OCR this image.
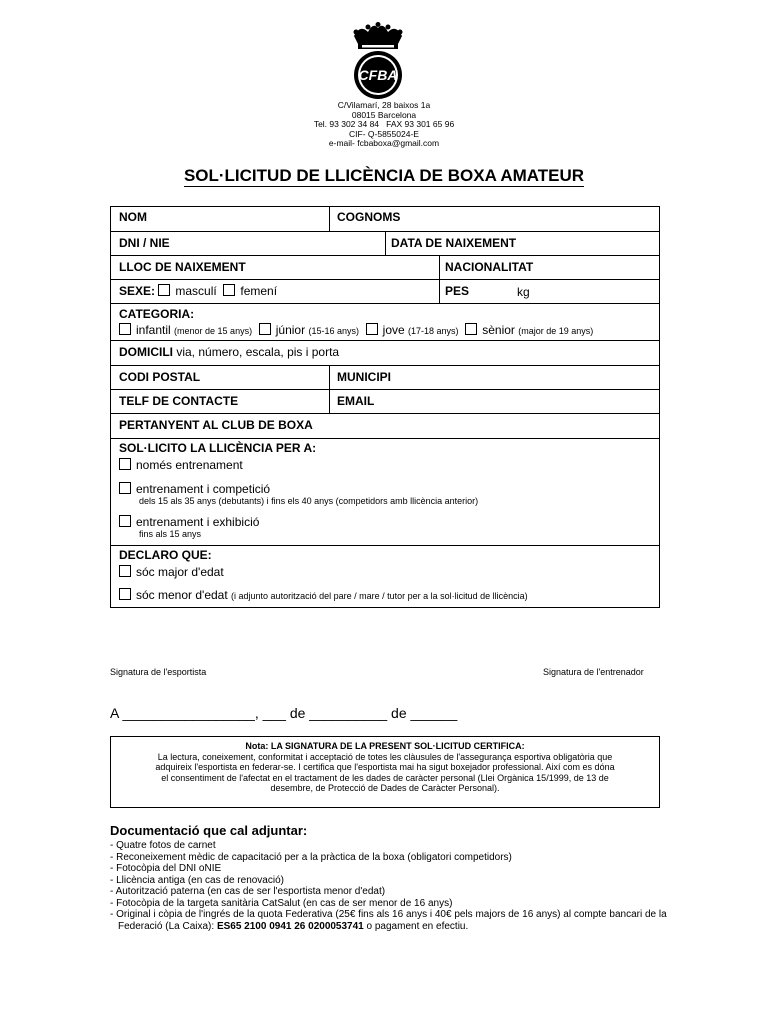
CFBA
C/Vilamarí, 28 baixos 1a
08015 Barcelona
Tel. 93 302 34 84   FAX 93 301 65 96
CIF- Q-5855024-E
e-mail- fcbaboxa@gmail.com
SOL·LICITUD DE LLICÈNCIA DE BOXA AMATEUR
NOM	COGNOMS
DNI / NIE	DATA DE NAIXEMENT
LLOC DE NAIXEMENT	NACIONALITAT
SEXE: masculí femení	PES	kg
CATEGORIA:
infantil (menor de 15 anys) júnior (15-16 anys) jove (17-18 anys) sènior (major de 19 anys)
DOMICILI via, número, escala, pis i porta
CODI POSTAL	MUNICIPI
TELF DE CONTACTE	EMAIL
PERTANYENT AL CLUB DE BOXA
SOL·LICITO LA LLICÈNCIA PER A:
només entrenament
entrenament i competició
dels 15 als 35 anys (debutants) i fins els 40 anys (competidors amb llicència anterior)
entrenament i exhibició
fins als 15 anys
DECLARO QUE:
sóc major d'edat
sóc menor d'edat (i adjunto autorització del pare / mare / tutor per a la sol·licitud de llicència)
Signatura de l'esportista	Signatura de l'entrenador
A _________________, ___ de __________ de ______
Nota: LA SIGNATURA DE LA PRESENT SOL·LICITUD CERTIFICA:
La lectura, coneixement, conformitat i acceptació de totes les clàusules de l'assegurança esportiva obligatòria que
adquireix l'esportista en federar-se. I certifica que l'esportista mai ha sigut boxejador professional. Així com es dóna
el consentiment de l'afectat en el tractament de les dades de caràcter personal (Llei Orgànica 15/1999, de 13 de
desembre, de Protecció de Dades de Caràcter Personal).
Documentació que cal adjuntar:
- Quatre fotos de carnet
- Reconeixement mèdic de capacitació per a la pràctica de la boxa (obligatori competidors)
- Fotocòpia del DNI oNIE
- Llicència antiga (en cas de renovació)
- Autorització paterna (en cas de ser l'esportista menor d'edat)
- Fotocòpia de la targeta sanitària CatSalut (en cas de ser menor de 16 anys)
- Original i còpia de l'ingrés de la quota Federativa (25€ fins als 16 anys i 40€ pels majors de 16 anys) al compte bancari de la Federació (La Caixa): ES65 2100 0941 26 0200053741 o pagament en efectiu.
